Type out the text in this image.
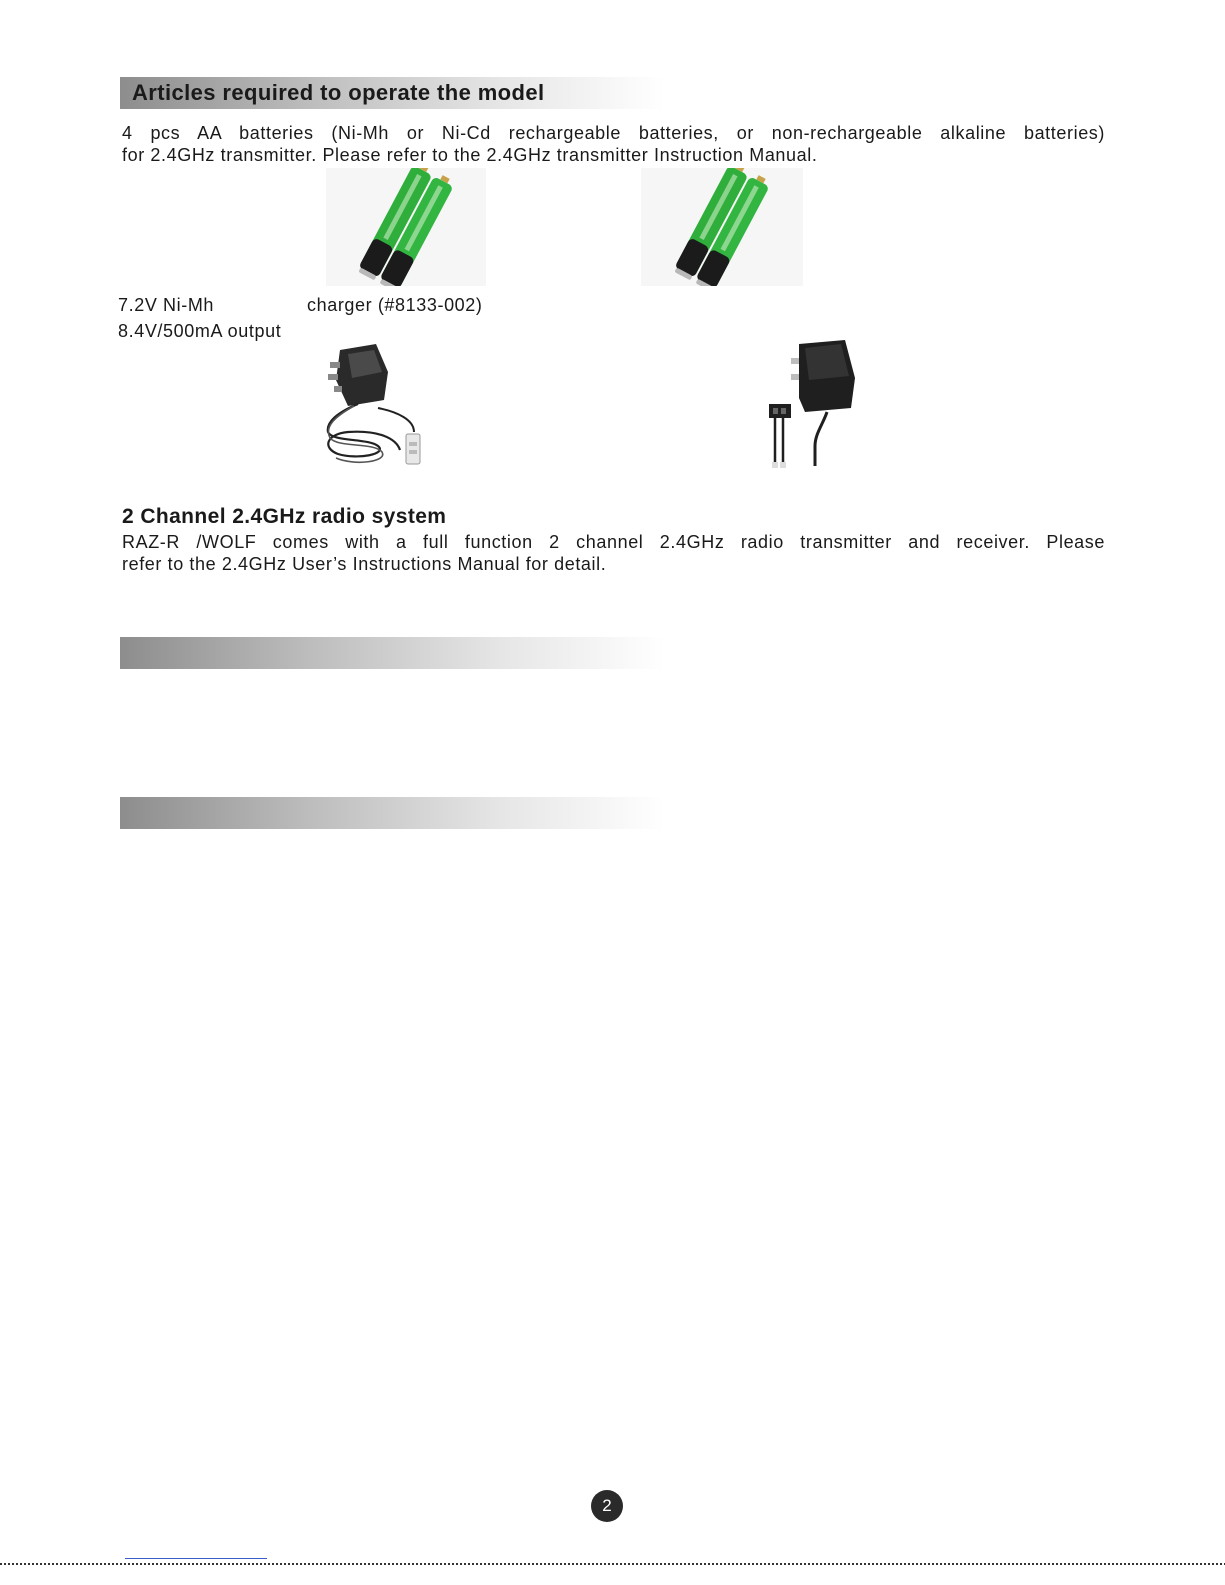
Articles required to operate the model

4 pcs AA batteries (Ni-Mh or Ni-Cd rechargeable batteries, or non-rechargeable alkaline batteries)
for 2.4GHz transmitter. Please refer to the 2.4GHz transmitter Instruction Manual.

7.2V Ni-Mh	charger (#8133-002)
8.4V/500mA output
2 Channel 2.4GHz radio system

RAZ-R /WOLF comes with a full function 2 channel 2.4GHz radio transmitter and receiver. Please
refer to the 2.4GHz User’s Instructions Manual for detail.

2
